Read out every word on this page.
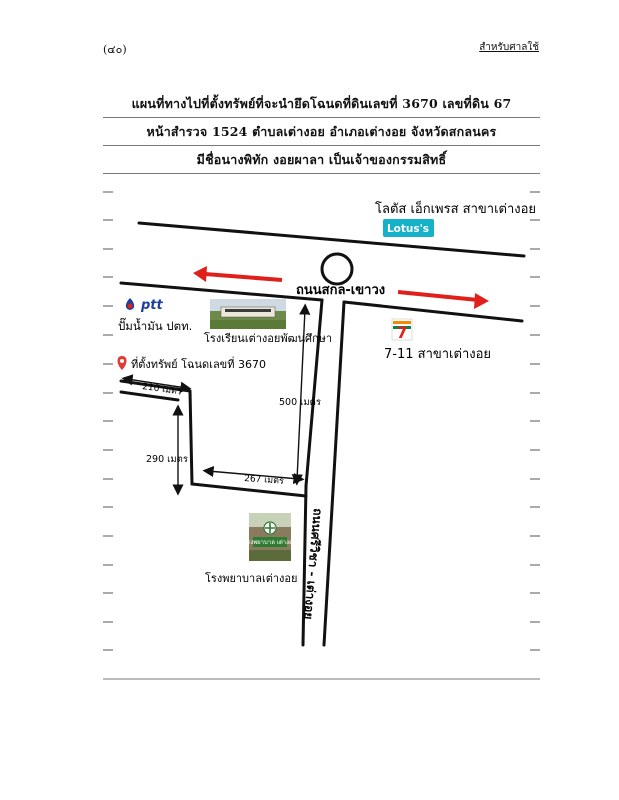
(๔๐)	สำหรับศาลใช้
แผนที่ทางไปที่ตั้งทรัพย์ที่จะนำยึดโฉนดที่ดินเลขที่ 3670 เลขที่ดิน 67
หน้าสำรวจ 1524 ตำบลเต่างอย อำเภอเต่างอย จังหวัดสกลนคร
มีชื่อนางพิทัก งอยผาลา เป็นเจ้าของกรรมสิทธิ์
ถนนสกล-เขาวง
โลตัส เอ็กเพรส สาขาเต่างอย
Lotus's
ptt
ปั๊มน้ำมัน ปตท.
โรงเรียนเต่างอยพัฒนศึกษา	7
7-11 สาขาเต่างอย
ที่ตั้งทรัพย์ โฉนดเลขที่ 3670
210 เมตร
500 เมตร
290 เมตร
267 เมตร
ถนนศรีวิชา - เต่างอย
โรงพยาบาล เต่างอย
โรงพยาบาลเต่างอย
